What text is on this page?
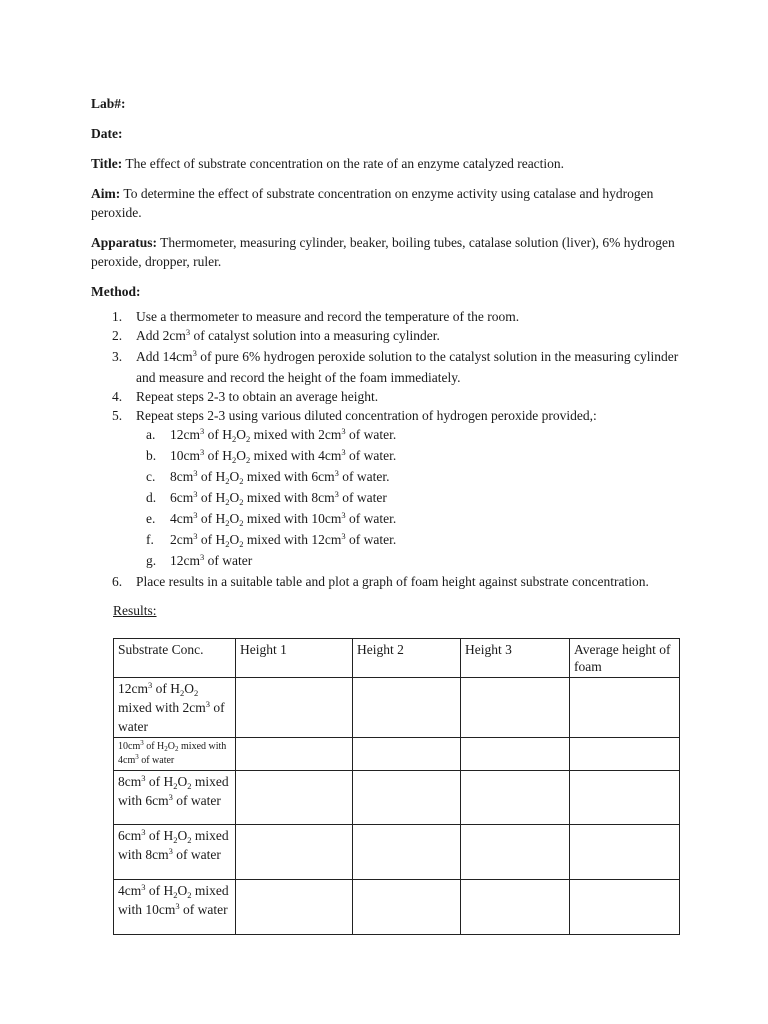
Lab#:

Date:

Title: The effect of substrate concentration on the rate of an enzyme catalyzed reaction.

Aim: To determine the effect of substrate concentration on enzyme activity using catalase and hydrogen peroxide.

Apparatus: Thermometer, measuring cylinder, beaker, boiling tubes, catalase solution (liver), 6% hydrogen peroxide, dropper, ruler.

Method:

1. Use a thermometer to measure and record the temperature of the room.
2. Add $2cm^3$ of catalyst solution into a measuring cylinder.
3. Add $14cm^3$ of pure 6% hydrogen peroxide solution to the catalyst solution in the measuring cylinder and measure and record the height of the foam immediately.
4. Repeat steps 2-3 to obtain an average height.
5. Repeat steps 2-3 using various diluted concentration of hydrogen peroxide provided,:
a. $12cm^3$ of $H_2O_2$ mixed with $2cm^3$ of water.
b. $10cm^3$ of $H_2O_2$ mixed with $4cm^3$ of water.
c. $8cm^3$ of $H_2O_2$ mixed with $6cm^3$ of water.
d. $6cm^3$ of $H_2O_2$ mixed with $8cm^3$ of water
e. $4cm^3$ of $H_2O_2$ mixed with $10cm^3$ of water.
f. $2cm^3$ of $H_2O_2$ mixed with $12cm^3$ of water.
g. $12cm^3$ of water
6. Place results in a suitable table and plot a graph of foam height against substrate concentration.

Results:

Substrate Conc.	Height 1	Height 2	Height 3	Average height of foam
$12cm^3$ of $H_2O_2$ mixed with $2cm^3$ of water				
$10cm^3$ of $H_2O_2$ mixed with $4cm^3$ of water				
$8cm^3$ of $H_2O_2$ mixed with $6cm^3$ of water				
$6cm^3$ of $H_2O_2$ mixed with $8cm^3$ of water				
$4cm^3$ of $H_2O_2$ mixed with $10cm^3$ of water				
